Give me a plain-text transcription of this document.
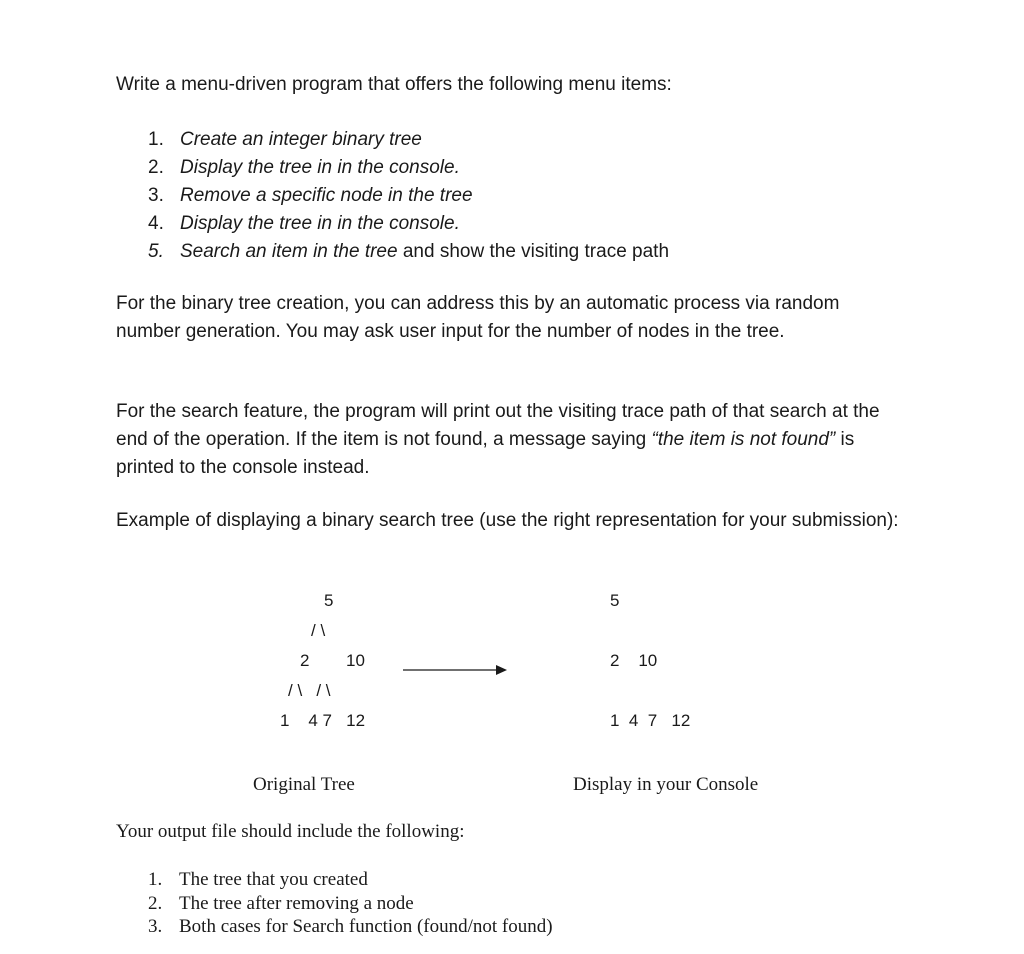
Write a menu-driven program that offers the following menu items:
1. Create an integer binary tree
2. Display the tree in in the console.
3. Remove a specific node in the tree
4. Display the tree in in the console.
5. Search an item in the tree and show the visiting trace path
For the binary tree creation, you can address this by an automatic process via random number generation. You may ask user input for the number of nodes in the tree.
For the search feature, the program will print out the visiting trace path of that search at the end of the operation. If the item is not found, a message saying “the item is not found” is printed to the console instead.
Example of displaying a binary search tree (use the right representation for your submission):
5
/ \
2 10
/ \   / \
1    4 7   12
5
2    10
1  4  7   12
Original Tree	Display in your Console
Your output file should include the following:
1. The tree that you created
2. The tree after removing a node
3. Both cases for Search function (found/not found)
